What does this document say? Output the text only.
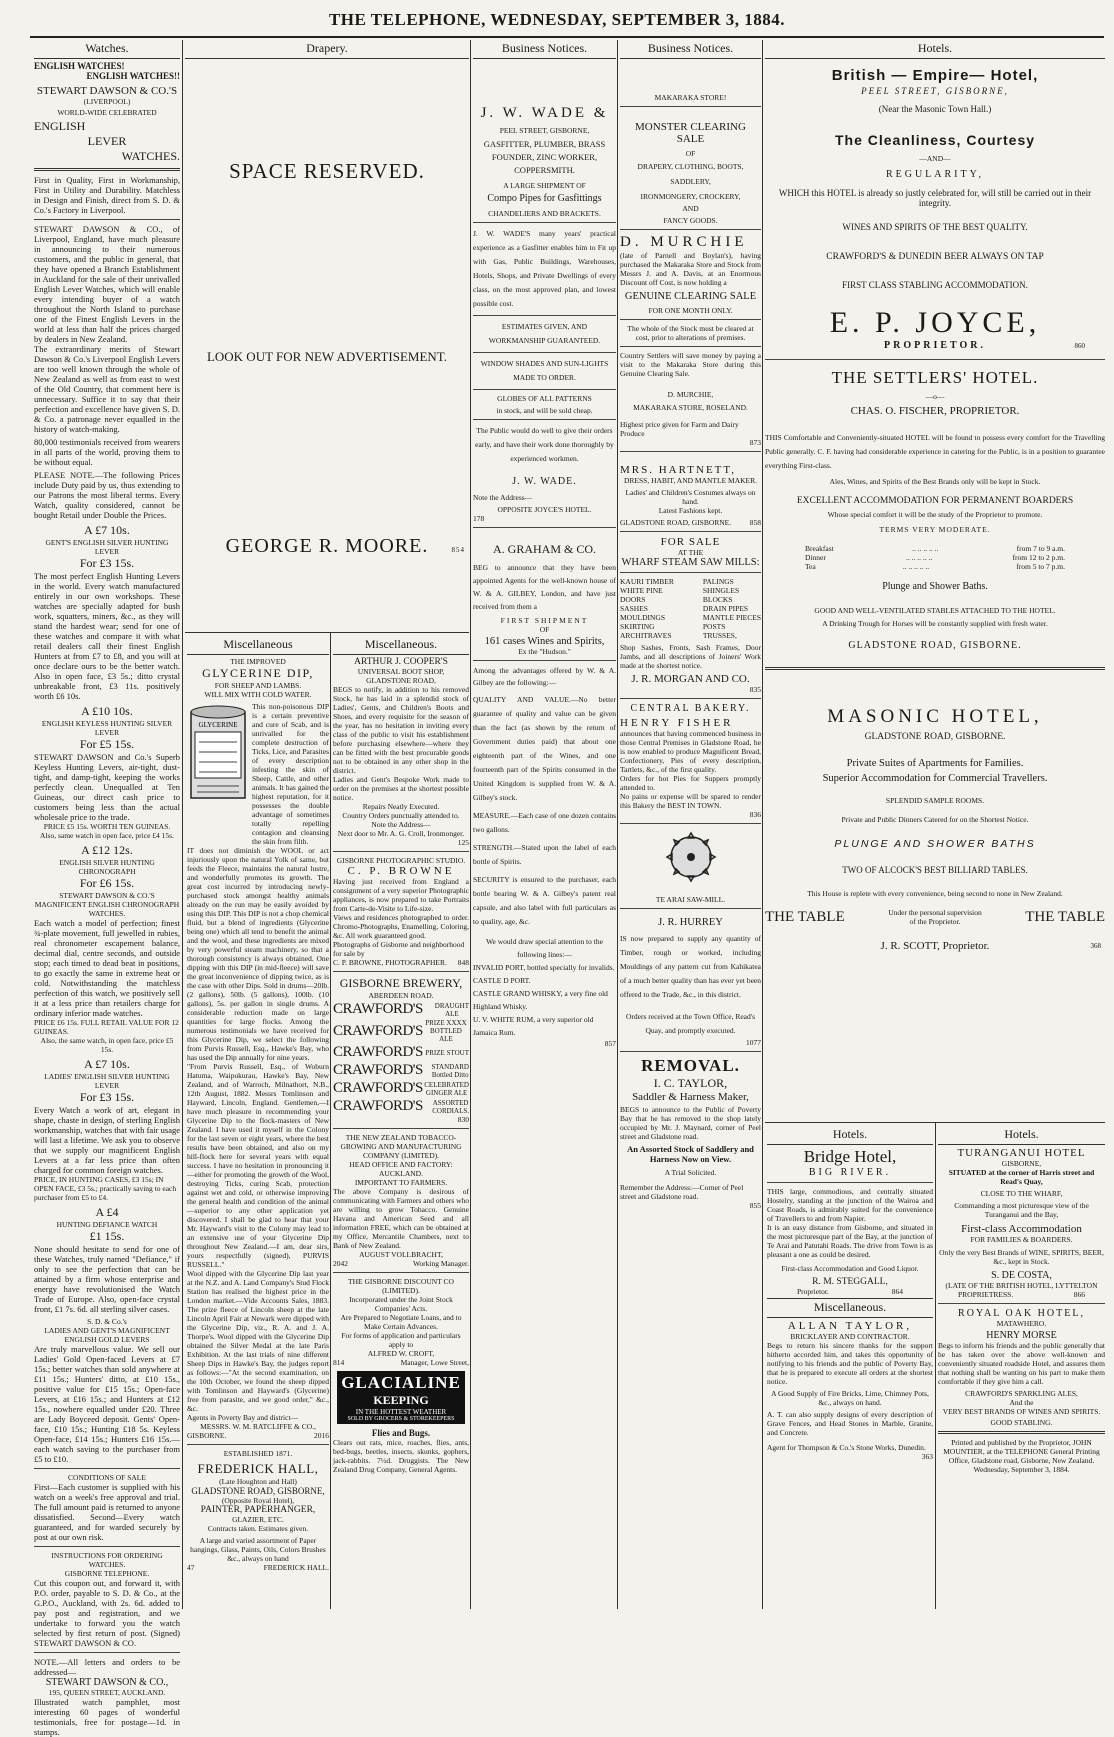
THE TELEPHONE, WEDNESDAY, SEPTEMBER 3, 1884.
Watches.
ENGLISH WATCHES!
ENGLISH WATCHES!!
STEWART DAWSON & CO.'S
(LIVERPOOL)
WORLD-WIDE CELEBRATED
ENGLISH
LEVER
WATCHES.

First in Quality, First in Workmanship, First in Utility and Durability. Matchless in Design and Finish, direct from S. D. & Co.'s Factory in Liverpool.

STEWART DAWSON & CO., of Liverpool, England, have much pleasure in announcing to their numerous customers, and the public in general, that they have opened a Branch Establishment in Auckland for the sale of their unrivalled English Lever Watches, which will enable every intending buyer of a watch throughout the North Island to purchase one of the Finest English Levers in the world at less than half the prices charged by dealers in New Zealand.

The extraordinary merits of Stewart Dawson & Co.'s Liverpool English Levers are too well known through the whole of New Zealand as well as from east to west of the Old Country, that comment here is unnecessary. Suffice it to say that their perfection and excellence have given S. D. & Co. a patronage never equalled in the history of watch-making.

80,000 testimonials received from wearers in all parts of the world, proving them to be without equal.

PLEASE NOTE.—The following Prices include Duty paid by us, thus extending to our Patrons the most liberal terms. Every Watch, quality considered, cannot be bought Retail under Double the Prices.

A £7 10s.
GENT'S ENGLISH SILVER HUNTING LEVER
For £3 15s.

The most perfect English Hunting Levers in the world. Every watch manufactured entirely in our own workshops. These watches are specially adapted for bush work, squatters, miners, &c., as they will stand the hardest wear; send for one of these watches and compare it with what retail dealers call their finest English Hunters at from £7 to £8, and you will at once declare ours to be the better watch. Also in open face, £3 5s.; ditto crystal unbreakable front, £3 11s. positively worth £6 10s.

A £10 10s.
ENGLISH KEYLESS HUNTING SILVER LEVER
For £5 15s.

STEWART DAWSON and Co.'s Superb Keyless Hunting Levers, air-tight, dust-tight, and damp-tight, keeping the works perfectly clean. Unequalled at Ten Guineas, our direct cash price to customers being less than the actual wholesale price to the trade.

PRICE £5 15s. WORTH TEN GUINEAS.

Also, same watch in open face, price £4 15s.

A £12 12s.
ENGLISH SILVER HUNTING CHRONOGRAPH
For £6 15s.

STEWART DAWSON & CO.'S MAGNIFICENT ENGLISH CHRONOGRAPH WATCHES.

Each watch a model of perfection; finest ¾-plate movement, full jewelled in rubies, real chronometer escapement balance, decimal dial, centre seconds, and outside stop; each timed to dead beat in positions, to go exactly the same in extreme heat or cold. Notwithstanding the matchless perfection of this watch, we positively sell it at a less price than retailers charge for ordinary inferior made watches.

PRICE £6 15s. FULL RETAIL VALUE FOR 12 GUINEAS.

Also, the same watch, in open face, price £5 15s.

A £7 10s.
LADIES' ENGLISH SILVER HUNTING LEVER
For £3 15s.

Every Watch a work of art, elegant in shape, chaste in design, of sterling English workmanship, watches that with fair usage will last a lifetime. We ask you to observe that we supply our magnificent English Levers at a far less price than often charged for common foreign watches.

PRICE, IN HUNTING CASES, £3 15s; IN OPEN FACE, £3 5s.; practically saving to each purchaser from £5 to £4.

A £4
HUNTING DEFIANCE WATCH
£1 15s.

None should hesitate to send for one of these Watches, truly named "Defiance," if only to see the perfection that can be attained by a firm whose enterprise and energy have revolutionised the Watch Trade of Europe. Also, open-face crystal front, £1 7s. 6d. all sterling silver cases.

S. D. & Co.'s
LADIES AND GENT'S MAGNIFICENT ENGLISH GOLD LEVERS

Are truly marvellous value. We sell our Ladies' Gold Open-faced Levers at £7 15s.; better watches than sold anywhere at £11 15s.; Hunters' ditto, at £10 15s., positive value for £15 15s.; Open-face Levers, at £16 15s.; and Hunters at £12 15s., nowhere equalled under £20. Three are Lady Boyceed deposit. Gents' Open-face, £10 15s.; Hunting £18 5s. Keyless Open-face, £14 15s.; Hunters £16 15s.—each watch saving to the purchaser from £5 to £10.

CONDITIONS OF SALE

First—Each customer is supplied with his watch on a week's free approval and trial. The full amount paid is returned to anyone dissatisfied. Second—Every watch guaranteed, and for warded securely by post at our own risk.

INSTRUCTIONS FOR ORDERING WATCHES.
GISBORNE TELEPHONE.

Cut this coupon out, and forward it, with P.O. order, payable to S. D. & Co., at the G.P.O., Auckland, with 2s. 6d. added to pay post and registration, and we undertake to forward you the watch selected by first return of post. (Signed) STEWART DAWSON & CO.

NOTE.—All letters and orders to be addressed—

STEWART DAWSON & CO.,
195, QUEEN STREET, AUCKLAND.

Illustrated watch pamphlet, most interesting 60 pages of wonderful testimonials, free for postage—1d. in stamps.

Drapery.
SPACE RESERVED.
LOOK OUT FOR NEW ADVERTISEMENT.
GEORGE R. MOORE.	854
Miscellaneous
THE IMPROVED
GLYCERINE DIP,
FOR SHEEP AND LAMBS.
WILL MIX WITH COLD WATER.
GLYCERINE

This non-poisonous DIP is a certain preventive and cure of Scab, and is unrivalled for the complete destruction of Ticks, Lice, and Parasites of every description infesting the skin of Sheep, Cattle, and other animals. It has gained the highest reputation, for it possesses the double advantage of sometimes totally repelling contagion and cleansing the skin from filth.

IT does not diminish the WOOL or act injuriously upon the natural Yolk of same, but feeds the Fleece, maintains the natural lustre, and wonderfully promotes its growth. The great cost incurred by introducing newly-purchased stock amongst healthy animals already on the run may be easily avoided by using this DIP. This DIP is not a chop chemical fluid, but a blend of ingredients (Glycerine being one) which all tend to benefit the animal and the wool, and these ingredients are mixed by very powerful steam machinery, so that a thorough consistency is always obtained. One dipping with this DIP (in mid-fleece) will save the great inconvenience of dipping twice, as is the case with other Dips. Sold in drums—20lb. (2 gallons), 50lb. (5 gallons), 100lb. (10 gallons), 5s. per gallon in single drums. A considerable reduction made on large quantities for large flocks. Among the numerous testimonials we have received for this Glycerine Dip, we select the following from Purvis Russell, Esq., Hawke's Bay, who has used the Dip annually for nine years.

"From Purvis Russell, Esq., of Woburn Hatuma, Waipukurau, Hawke's Bay, New Zealand, and of Warroch, Milnathort, N.B., 12th August, 1882. Messrs Tomlinson and Hayward, Lincoln, England. Gentlemen,—I have much pleasure in recommending your Glycerine Dip to the flock-masters of New Zealand. I have used it myself in the Colony for the last seven or eight years, where the best results have been obtained, and also on my hill-flock here for several years with equal success. I have no hesitation in pronouncing it—either for promoting the growth of the Wool, destroying Ticks, curing Scab, protection against wet and cold, or otherwise improving the general health and condition of the animal—superior to any other application yet discovered. I shall be glad to hear that your Mr. Hayward's visit to the Colony may lead to an extensive use of your Glycerine Dip throughout New Zealand.—I am, dear sirs, yours respectfully (signed), PURVIS RUSSELL."

Wool dipped with the Glycerine Dip last year at the N.Z. and A. Land Company's Stud Flock Station has realised the highest price in the London market.—Vide Accounts Sales, 1883. The prize fleece of Lincoln sheep at the late Lincoln April Fair at Newark were dipped with the Glycerine Dip, viz., R. A. and J. A. Thorpe's. Wool dipped with the Glycerine Dip obtained the Silver Medal at the late Paris Exhibition. At the last trials of nine different Sheep Dips in Hawke's Bay, the judges report as follows:—"At the second examination, on the 10th October, we found the sheep dipped with Tomlinson and Hayward's (Glycerine) free from parasite, and we good order," &c., &c.

Agents in Poverty Bay and district—

MESSRS. W. M. RATCLIFFE & CO.,
GISBORNE.	2016
ESTABLISHED 1871.
FREDERICK HALL,
(Late Houghton and Hall)
GLADSTONE ROAD, GISBORNE,
(Opposite Royal Hotel),
PAINTER, PAPERHANGER,
GLAZIER, ETC.
Contracts taken. Estimates given.

A large and varied assortment of Paper hangings, Glass, Paints, Oils, Colors Brushes &c., always on hand

47	FREDERICK HALL.
Miscellaneous.
ARTHUR J. COOPER'S
UNIVERSAL BOOT SHOP,
GLADSTONE ROAD,

BEGS to notify, in addition to his removed Stock, he has laid in a splendid stock of Ladies', Gents, and Children's Boots and Shoes, and every requisite for the season of the year, has no hesitation in inviting every class of the public to visit his establishment before purchasing elsewhere—where they can be fitted with the best procurable goods not to be obtained in any other shop in the district.

Ladies and Gent's Bespoke Work made to order on the premises at the shortest possible notice.

Repairs Neatly Executed.
Country Orders punctually attended to.
Note the Address—
Next door to Mr. A. G. Croll, Ironmonger.
125
GISBORNE PHOTOGRAPHIC STUDIO.
C. P. BROWNE

Having just received from England a consignment of a very superior Photographic appliances, is now prepared to take Portraits from Carte-de-Visite to Life-size.

Views and residences photographed to order. Chromo-Photographs, Enamelling, Coloring, &c. All work guaranteed good.

Photographs of Gisborne and neighborhood for sale by

C. P. BROWNE, PHOTOGRAPHER. 848
GISBORNE BREWERY,
ABERDEEN ROAD.
CRAWFORD'S DRAUGHT
ALE
CRAWFORD'S PRIZE XXXX
BOTTLED ALE
CRAWFORD'S PRIZE STOUT
CRAWFORD'S STANDARD
Bottled Ditto
CRAWFORD'S CELEBRATED
GINGER ALE
CRAWFORD'S ASSORTED
CORDIALS.
830

THE NEW ZEALAND TOBACCO-GROWING AND MANUFACTURING COMPANY (LIMITED).

HEAD OFFICE AND FACTORY: AUCKLAND.
IMPORTANT TO FARMERS.

The above Company is desirous of communicating with Farmers and others who are willing to grow Tobacco. Genuine Havana and American Seed and all information FREE, which can be obtained at my Office, Mercantile Chambers, next to Bank of New Zealand.

AUGUST VOLLBRACHT,
2042	Working Manager.
THE GISBORNE DISCOUNT CO (LIMITED).

Incorporated under the Joint Stock Companies' Acts.

Are Prepared to Negotiate Loans, and to Make Certain Advances.

For forms of application and particulars apply to

ALFRED W. CROFT,
814	Manager, Lowe Street,
GLACIALINE
KEEPING
IN THE HOTTEST WEATHER
SOLD BY GROCERS & STOREKEEPERS
Flies and Bugs.

Clears out rats, mice, roaches, flies, ants, bed-bugs, beetles, insects, skunks, gophers, jack-rabbits. 7½d. Druggists. The New Zealand Drug Company, General Agents.

Business Notices.
J. W. WADE &
PEEL STREET, GISBORNE,
GASFITTER, PLUMBER, BRASS
FOUNDER, ZINC WORKER,
COPPERSMITH.
A LARGE SHIPMENT OF
Compo Pipes for Gasfittings
CHANDELIERS AND BRACKETS.

J. W. WADE'S many years' practical experience as a Gasfitter enables him to Fit up with Gas, Public Buildings, Warehouses, Hotels, Shops, and Private Dwellings of every class, on the most approved plan, and lowest possible cost.

ESTIMATES GIVEN, AND WORKMANSHIP GUARANTEED.

WINDOW SHADES AND SUN-LIGHTS MADE TO ORDER.

GLOBES OF ALL PATTERNS
in stock, and will be sold cheap.

The Public would do well to give their orders early, and have their work done thoroughly by experienced workmen.

J. W. WADE.
Note the Address—
OPPOSITE JOYCE'S HOTEL.
178
A. GRAHAM & CO.

BEG to announce that they have been appointed Agents for the well-known house of W. & A. GILBEY, London, and have just received from them a

FIRST SHIPMENT
OF
161 cases Wines and Spirits,
Ex the "Hudson."

Among the advantages offered by W. & A. Gilbey are the following:—

QUALITY AND VALUE.—No better guarantee of quality and value can be given than the fact (as shown by the return of Government duties paid) that about one eighteenth part of the Wines, and one fourteenth part of the Spirits consumed in the United Kingdom is supplied from W. & A. Gilbey's stock.

MEASURE.—Each case of one dozen contains two gallons.

STRENGTH.—Stated upon the label of each bottle of Spirits.

SECURITY is ensured to the purchaser, each bottle bearing W. & A. Gilbey's patent real capsule, and also label with full particulars as to quality, age, &c.

We would draw special attention to the following lines:—

INVALID PORT, bottled specially for invalids.

CASTLE D PORT.

CASTLE GRAND WHISKY, a very fine old Highland Whisky.

U. V. WHITE RUM, a very superior old Jamaica Rum.

857
Business Notices.
MAKARAKA STORE!
MONSTER CLEARING SALE
OF
DRAPERY, CLOTHING, BOOTS,
SADDLERY,
IRONMONGERY, CROCKERY,
AND
FANCY GOODS.
D. MURCHIE

(late of Parnell and Boylan's), having purchased the Makaraka Store and Stock from Messrs J. and A. Davis, at an Enormous Discount off Cost, is now holding a

GENUINE CLEARING SALE
FOR ONE MONTH ONLY.

The whole of the Stock must be cleared at cost, prior to alterations of premises.

Country Settlers will save money by paying a visit to the Makaraka Store during this Genuine Clearing Sale.

D. MURCHIE,
MAKARAKA STORE, ROSELAND.

Highest price given for Farm and Dairy Produce

873
MRS. HARTNETT,
DRESS, HABIT, AND MANTLE MAKER.

Ladies' and Children's Costumes always on hand.

Latest Fashions kept.
GLADSTONE ROAD, GISBORNE. 858
FOR SALE
AT THE
WHARF STEAM SAW MILLS:
KAURI TIMBER
WHITE PINE
DOORS
SASHES
MOULDINGS
SKIRTING
ARCHITRAVES
PALINGS
SHINGLES
BLOCKS
DRAIN PIPES
MANTLE PIECES
POSTS
TRUSSES,

Shop Sashes, Fronts, Sash Frames, Door Jambs, and all descriptions of Joiners' Work made at the shortest notice.

J. R. MORGAN AND CO.
835
CENTRAL BAKERY.
HENRY FISHER

announces that having commenced business in those Central Premises in Gladstone Road, he is now enabled to produce Magnificent Bread, Confectionery, Pies of every description, Tartlets, &c., of the first quality.

Orders for hot Pies for Suppers promptly attended to.

No pains or expense will be spared to render this Bakery the BEST IN TOWN.

836
TE ARAI SAW-MILL.
J. R. HURREY

IS now prepared to supply any quantity of Timber, rough or worked, including Mouldings of any pattern cut from Kahikatea of a much better quality than has ever yet been offered to the Trade, &c., in this district.

Orders received at the Town Office, Read's Quay, and promptly executed.

1077
REMOVAL.
I. C. TAYLOR,
Saddler & Harness Maker,

BEGS to announce to the Public of Poverty Bay that he has removed to the shop lately occupied by Mr. J. Maynard, corner of Peel street and Gladstone road.

An Assorted Stock of Saddlery and Harness Now on View.
A Trial Solicited.

Remember the Address:—Corner of Peel street and Gladstone road.

855
Hotels.
British — Empire— Hotel,
PEEL STREET, GISBORNE,
(Near the Masonic Town Hall.)
The Cleanliness, Courtesy
—AND—
REGULARITY,

WHICH this HOTEL is already so justly celebrated for, will still be carried out in their integrity.

WINES AND SPIRITS OF THE BEST QUALITY.
CRAWFORD'S & DUNEDIN BEER ALWAYS ON TAP
FIRST CLASS STABLING ACCOMMODATION.
E. P. JOYCE,
PROPRIETOR.	860
THE SETTLERS' HOTEL.
—o—
CHAS. O. FISCHER, PROPRIETOR.

THIS Comfortable and Conveniently-situated HOTEL will be found to possess every comfort for the Travelling Public generally. C. F. having had considerable experience in catering for the Public, is in a position to guarantee everything First-class.

Ales, Wines, and Spirits of the Best Brands only will be kept in Stock.
EXCELLENT ACCOMMODATION FOR PERMANENT BOARDERS
Whose special comfort it will be the study of the Proprietor to promote.
TERMS VERY MODERATE.
Breakfast	.. .. .. .. ..	from 7 to 9 a.m.
Dinner	.. .. .. .. ..	from 12 to 2 p.m.
Tea	.. .. .. .. ..	from 5 to 7 p.m.
Plunge and Shower Baths.
GOOD AND WELL-VENTILATED STABLES ATTACHED TO THE HOTEL.
A Drinking Trough for Horses will be constantly supplied with fresh water.
GLADSTONE ROAD, GISBORNE.
MASONIC HOTEL,
GLADSTONE ROAD, GISBORNE.
Private Suites of Apartments for Families.
Superior Accommodation for Commercial Travellers.
SPLENDID SAMPLE ROOMS.
Private and Public Dinners Catered for on the Shortest Notice.
PLUNGE AND SHOWER BATHS
TWO OF ALCOCK'S BEST BILLIARD TABLES.

This House is replete with every convenience, being second to none in New Zealand.

THE TABLE	Under the personal supervision of the Proprietor.	THE TABLE
J. R. SCOTT, Proprietor.	368
Hotels.
Bridge Hotel,
BIG RIVER.

THIS large, commodious, and centrally situated Hostelry, standing at the junction of the Wairoa and Coast Roads, is admirably suited for the convenience of Travellers to and from Napier.

It is an easy distance from Gisborne, and situated in the most picturesque part of the Bay, at the junction of Te Arai and Patutahi Roads. The drive from Town is as pleasant a one as could be desired.

First-class Accommodation and Good Liquor.

R. M. STEGGALL,
Proprietor.	864
Miscellaneous.
ALLAN TAYLOR,
BRICKLAYER AND CONTRACTOR.

Begs to return his sincere thanks for the support hitherto accorded him, and takes this opportunity of notifying to his friends and the public of Poverty Bay, that he is prepared to execute all orders at the shortest notice.

A Good Supply of Fire Bricks, Lime, Chimney Pots, &c., always on hand.

A. T. can also supply designs of every description of Grave Fences, and Head Stones in Marble, Granite, and Concrete.

Agent for Thompson & Co.'s Stone Works, Dunedin.

363
Hotels.
TURANGANUI HOTEL
GISBORNE,

SITUATED at the corner of Harris street and Read's Quay,

CLOSE TO THE WHARF,

Commanding a most picturesque view of the Turanganui and the Bay,

First-class Accommodation
FOR FAMILIES & BOARDERS.

Only the very Best Brands of WINE, SPIRITS, BEER, &c., kept in Stock.

S. DE COSTA,
(LATE OF THE BRITISH HOTEL, LYTTELTON
PROPRIETRESS.	866
ROYAL OAK HOTEL,
MATAWHERO.
HENRY MORSE

Begs to inform his friends and the public generally that he has taken over the above well-known and conveniently situated roadside Hotel, and assures them that nothing shall be wanting on his part to make them comfortable if they give him a call.

CRAWFORD'S SPARKLING ALES,
And the
VERY BEST BRANDS OF WINES AND SPIRITS.
GOOD STABLING.

Printed and published by the Proprietor, JOHN MOUNTIER, at the TELEPHONE General Printing Office, Gladstone road, Gisborne, New Zealand.

Wednesday, September 3, 1884.
